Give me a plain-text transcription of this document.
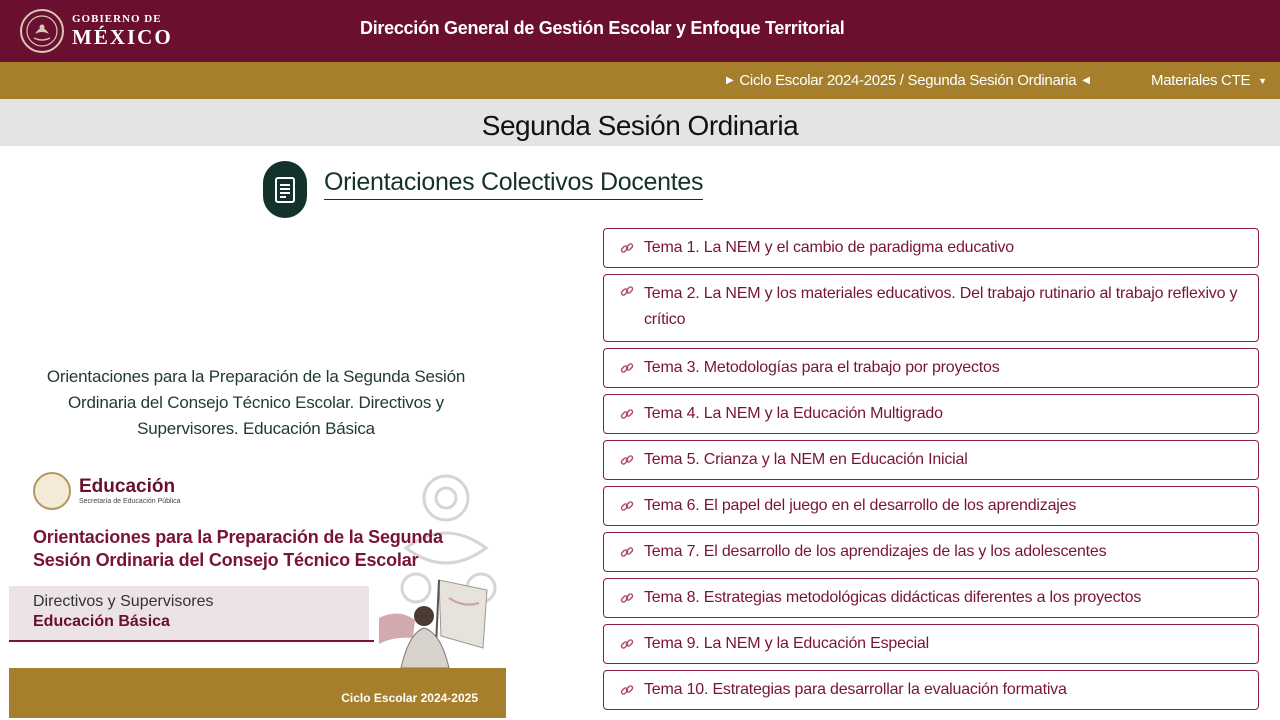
GOBIERNO DE
MÉXICO	Dirección General de Gestión Escolar y Enfoque Territorial
▶ Ciclo Escolar 2024-2025 / Segunda Sesión Ordinaria ◀	Materiales CTE ▼
Segunda Sesión Ordinaria
Orientaciones Colectivos Docentes

Orientaciones para la Preparación de la Segunda Sesión Ordinaria del Consejo Técnico Escolar. Directivos y Supervisores. Educación Básica

Educación
Secretaría de Educación Pública
Orientaciones para la Preparación de la Segunda Sesión Ordinaria del Consejo Técnico Escolar
Directivos y Supervisores
Educación Básica
Ciclo Escolar 2024-2025
Tema 1. La NEM y el cambio de paradigma educativo
Tema 2. La NEM y los materiales educativos. Del trabajo rutinario al trabajo reflexivo y crítico
Tema 3. Metodologías para el trabajo por proyectos
Tema 4. La NEM y la Educación Multigrado
Tema 5. Crianza y la NEM en Educación Inicial
Tema 6. El papel del juego en el desarrollo de los aprendizajes
Tema 7. El desarrollo de los aprendizajes de las y los adolescentes
Tema 8. Estrategias metodológicas didácticas diferentes a los proyectos
Tema 9. La NEM y la Educación Especial
Tema 10. Estrategias para desarrollar la evaluación formativa
